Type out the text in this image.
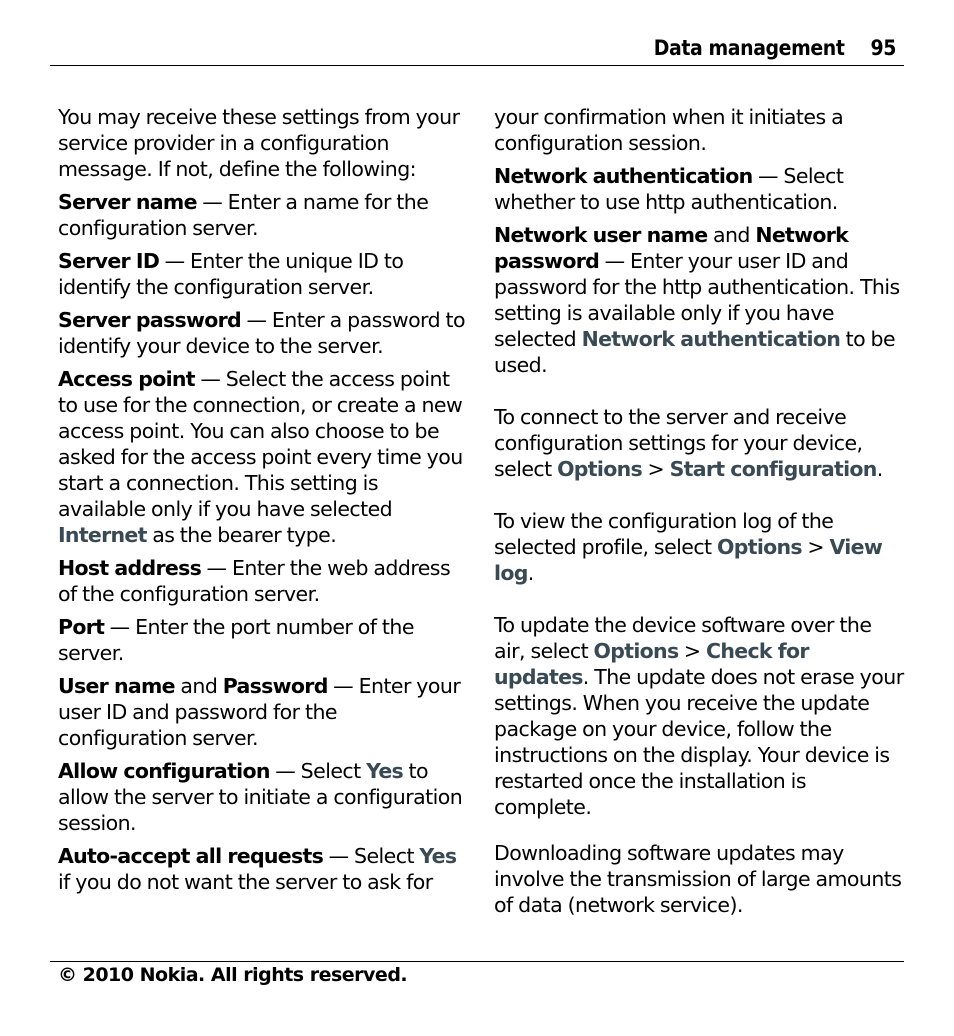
Data management 95

You may receive these settings from your service provider in a configuration message. If not, define the following:

Server name — Enter a name for the configuration server.

Server ID — Enter the unique ID to identify the configuration server.

Server password — Enter a password to identify your device to the server.

Access point — Select the access point to use for the connection, or create a new access point. You can also choose to be asked for the access point every time you start a connection. This setting is available only if you have selected Internet as the bearer type.

Host address — Enter the web address of the configuration server.

Port — Enter the port number of the server.

User name and Password — Enter your user ID and password for the configuration server.

Allow configuration — Select Yes to allow the server to initiate a configuration session.

Auto-accept all requests — Select Yes if you do not want the server to ask for

your confirmation when it initiates a configuration session.

Network authentication — Select whether to use http authentication.

Network user name and Network password — Enter your user ID and password for the http authentication. This setting is available only if you have selected Network authentication to be used.

To connect to the server and receive configuration settings for your device, select Options > Start configuration.

To view the configuration log of the selected profile, select Options > View log.

To update the device software over the air, select Options > Check for updates. The update does not erase your settings. When you receive the update package on your device, follow the instructions on the display. Your device is restarted once the installation is complete.

Downloading software updates may involve the transmission of large amounts of data (network service).

© 2010 Nokia. All rights reserved.
